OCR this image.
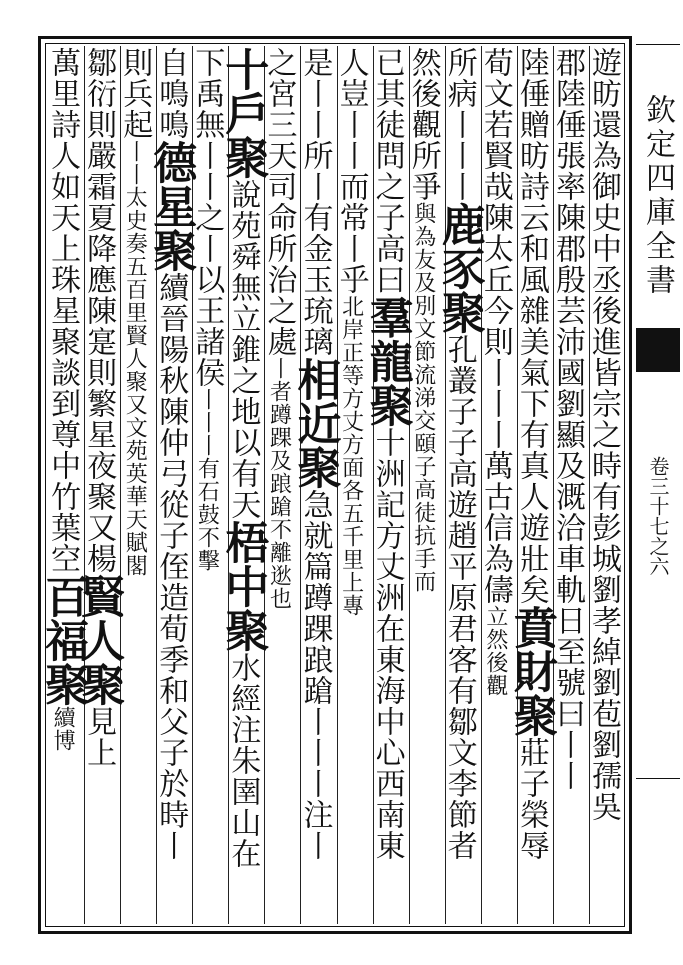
遊昉還為御史中丞後進皆宗之時有彭城劉孝綽劉苞劉孺吳
郡陸倕張率陳郡殷芸沛國劉顯及溉洽車軌日至號曰丨丨
陸倕贈昉詩云和風雜美氣下有真人遊壯矣賁財聚莊子榮辱
荀文若賢哉陳太丘今則丨丨丨萬古信為儔立然後觀
所病丨丨丨鹿豕聚孔叢子子高遊趙平原君客有鄒文李節者
然後觀所爭與為友及別文節流涕交頤子高徒抗手而
已其徒問之子高曰羣龍聚十洲記方丈洲在東海中心西南東
人豈丨丨而常丨乎北岸正等方丈方面各五千里上專
是丨丨所丨有金玉琉璃相近聚急就篇蹲踝踉蹌丨丨丨注丨
之宮三天司命所治之處丨者蹲踝及踉蹌不離逖也
十戶聚說苑舜無立錐之地以有天梧中聚水經注朱圉山在
下禹無丨丨之丨以王諸侯丨丨丨有石鼓不擊
自鳴鳴德星聚續晉陽秋陳仲弓從子侄造荀季和父子於時丨
則兵起丨丨太史奏五百里賢人聚又文苑英華天賦閣
鄒衍則嚴霜夏降應陳寔則繁星夜聚又楊賢人聚見上
萬里詩人如天上珠星聚談到尊中竹葉空百福聚續博
欽定四庫全書
卷三十七之六
